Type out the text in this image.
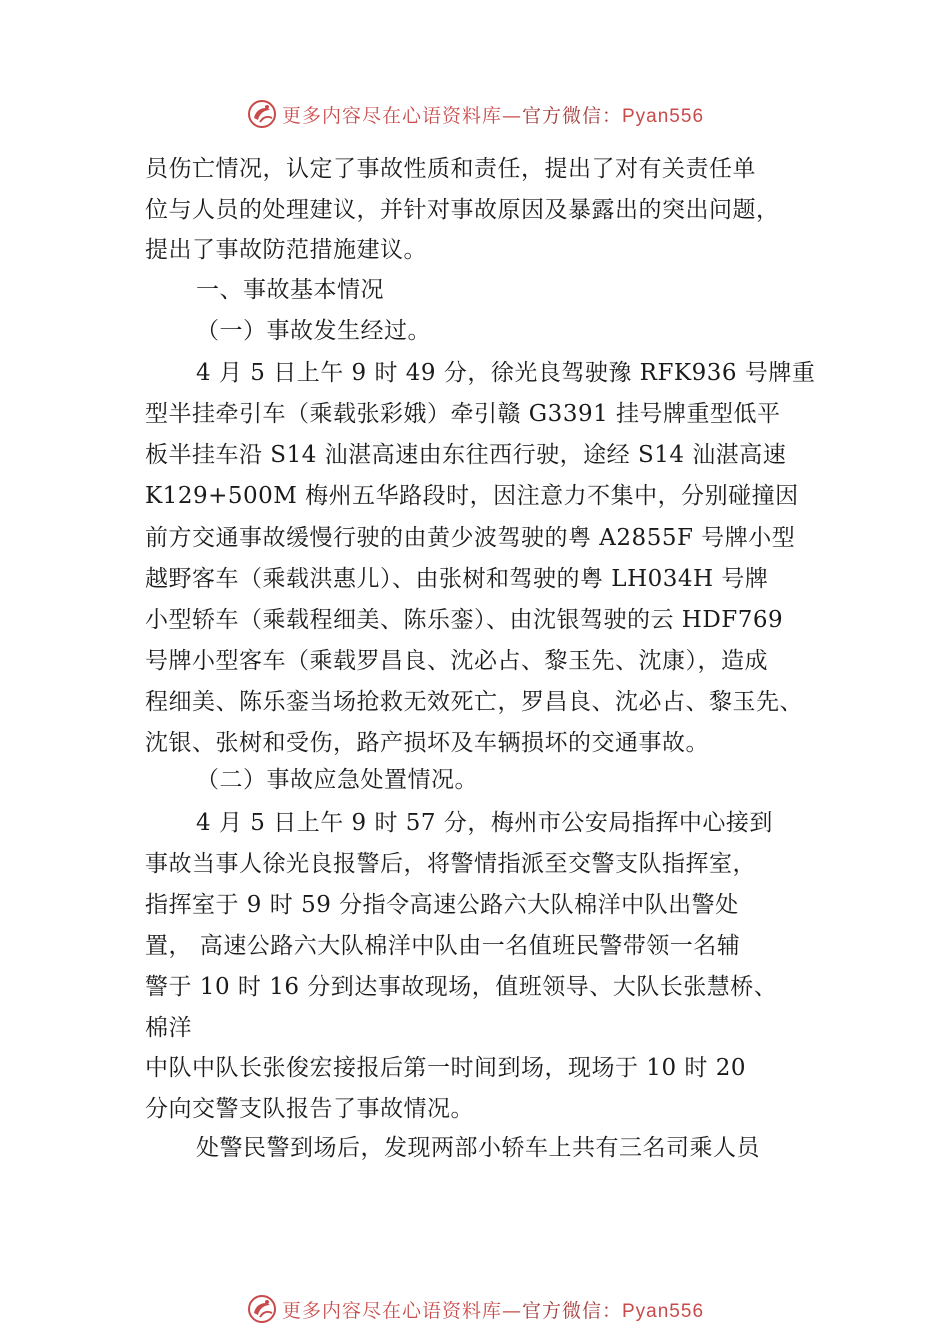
更多内容尽在心语资料库—官方微信：Pyan556
员伤亡情况，认定了事故性质和责任，提出了对有关责任单
位与人员的处理建议，并针对事故原因及暴露出的突出问题，
提出了事故防范措施建议。
一、事故基本情况
（一）事故发生经过。
4 月 5 日上午 9 时 49 分，徐光良驾驶豫 RFK936 号牌重
型半挂牵引车（乘载张彩娥）牵引赣 G3391 挂号牌重型低平
板半挂车沿 S14 汕湛高速由东往西行驶，途经 S14 汕湛高速
K129+500M 梅州五华路段时，因注意力不集中，分别碰撞因
前方交通事故缓慢行驶的由黄少波驾驶的粤 A2855F 号牌小型
越野客车（乘载洪惠儿）、由张树和驾驶的粤 LH034H 号牌
小型轿车（乘载程细美、陈乐銮）、由沈银驾驶的云 HDF769
号牌小型客车（乘载罗昌良、沈必占、黎玉先、沈康），造成
程细美、陈乐銮当场抢救无效死亡，罗昌良、沈必占、黎玉先、
沈银、张树和受伤，路产损坏及车辆损坏的交通事故。
（二）事故应急处置情况。
4 月 5 日上午 9 时 57 分，梅州市公安局指挥中心接到
事故当事人徐光良报警后，将警情指派至交警支队指挥室，
指挥室于 9 时 59 分指令高速公路六大队棉洋中队出警处
置， 高速公路六大队棉洋中队由一名值班民警带领一名辅
警于 10 时 16 分到达事故现场，值班领导、大队长张慧桥、
棉洋
中队中队长张俊宏接报后第一时间到场，现场于 10 时 20
分向交警支队报告了事故情况。
处警民警到场后，发现两部小轿车上共有三名司乘人员
更多内容尽在心语资料库—官方微信：Pyan556
